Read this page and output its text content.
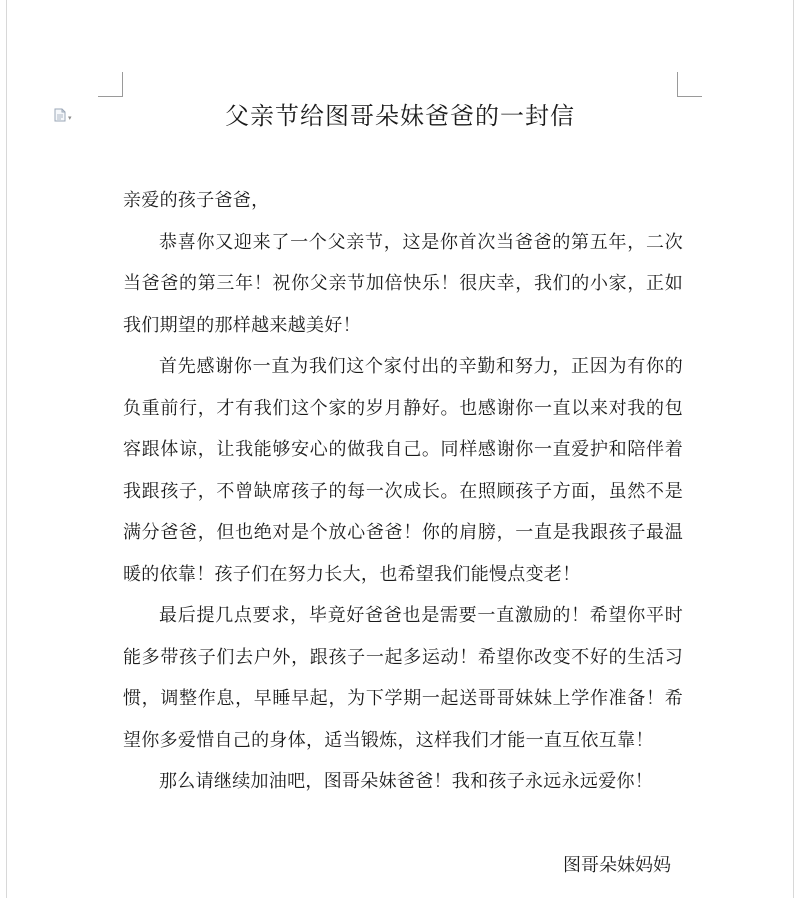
▾	父亲节给图哥朵妹爸爸的一封信

亲爱的孩子爸爸，

恭喜你又迎来了一个父亲节，这是你首次当爸爸的第五年，二次当爸爸的第三年！祝你父亲节加倍快乐！很庆幸，我们的小家，正如我们期望的那样越来越美好！

首先感谢你一直为我们这个家付出的辛勤和努力，正因为有你的负重前行，才有我们这个家的岁月静好。也感谢你一直以来对我的包容跟体谅，让我能够安心的做我自己。同样感谢你一直爱护和陪伴着我跟孩子，不曾缺席孩子的每一次成长。在照顾孩子方面，虽然不是满分爸爸，但也绝对是个放心爸爸！你的肩膀，一直是我跟孩子最温暖的依靠！孩子们在努力长大，也希望我们能慢点变老！

最后提几点要求，毕竟好爸爸也是需要一直激励的！希望你平时能多带孩子们去户外，跟孩子一起多运动！希望你改变不好的生活习惯，调整作息，早睡早起，为下学期一起送哥哥妹妹上学作准备！希望你多爱惜自己的身体，适当锻炼，这样我们才能一直互依互靠！

那么请继续加油吧，图哥朵妹爸爸！我和孩子永远永远爱你！

图哥朵妹妈妈
